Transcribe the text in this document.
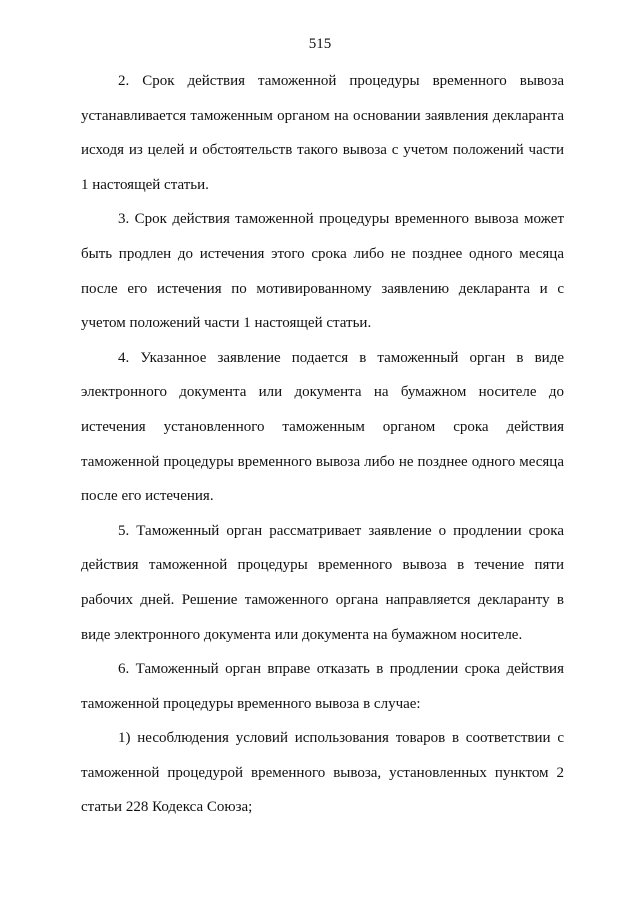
515

2. Срок действия таможенной процедуры временного вывоза устанавливается таможенным органом на основании заявления декларанта исходя из целей и обстоятельств такого вывоза с учетом положений части 1 настоящей статьи.

3. Срок действия таможенной процедуры временного вывоза может быть продлен до истечения этого срока либо не позднее одного месяца после его истечения по мотивированному заявлению декларанта и с учетом положений части 1 настоящей статьи.

4. Указанное заявление подается в таможенный орган в виде электронного документа или документа на бумажном носителе до истечения установленного таможенным органом срока действия таможенной процедуры временного вывоза либо не позднее одного месяца после его истечения.

5. Таможенный орган рассматривает заявление о продлении срока действия таможенной процедуры временного вывоза в течение пяти рабочих дней. Решение таможенного органа направляется декларанту в виде электронного документа или документа на бумажном носителе.

6. Таможенный орган вправе отказать в продлении срока действия таможенной процедуры временного вывоза в случае:

1) несоблюдения условий использования товаров в соответствии с таможенной процедурой временного вывоза, установленных пунктом 2 статьи 228 Кодекса Союза;
